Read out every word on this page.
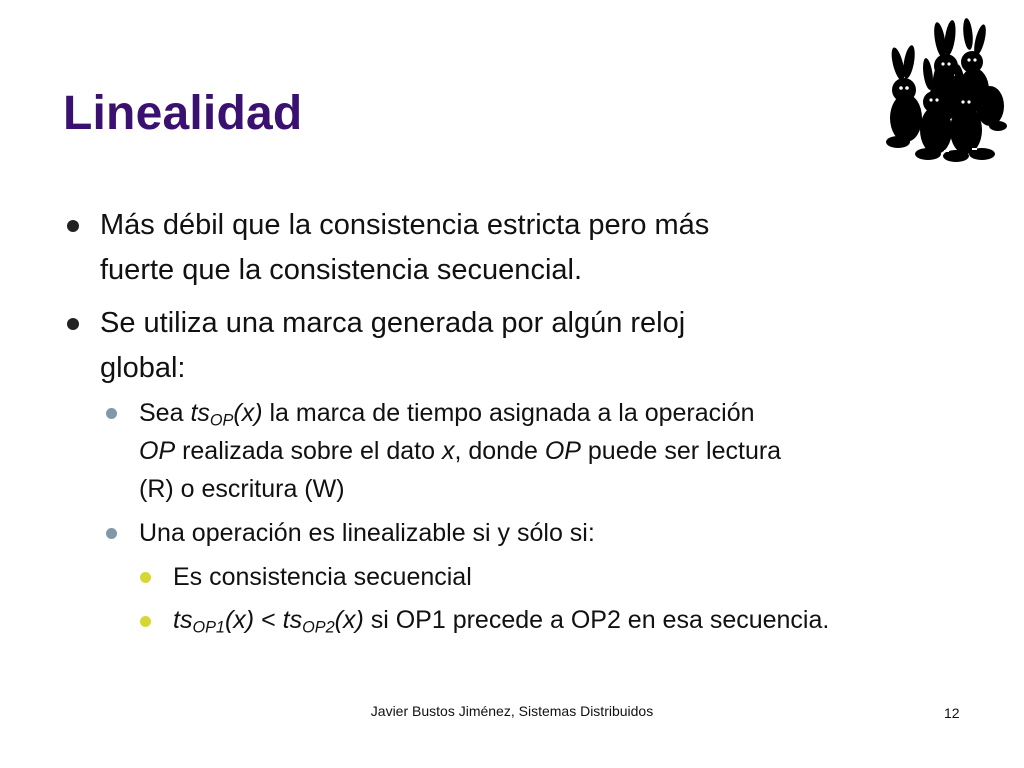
Linealidad
Más débil que la consistencia estricta pero más
fuerte que la consistencia secuencial.
Se utiliza una marca generada por algún reloj
global:
Sea $ts_{OP}(x)$ la marca de tiempo asignada a la operación
OP realizada sobre el dato x, donde OP puede ser lectura
(R) o escritura (W)
Una operación es linealizable si y sólo si:
Es consistencia secuencial
$ts_{OP1}(x) < ts_{OP2}(x)$ si OP1 precede a OP2 en esa secuencia.
Javier Bustos Jiménez, Sistemas Distribuidos	12
